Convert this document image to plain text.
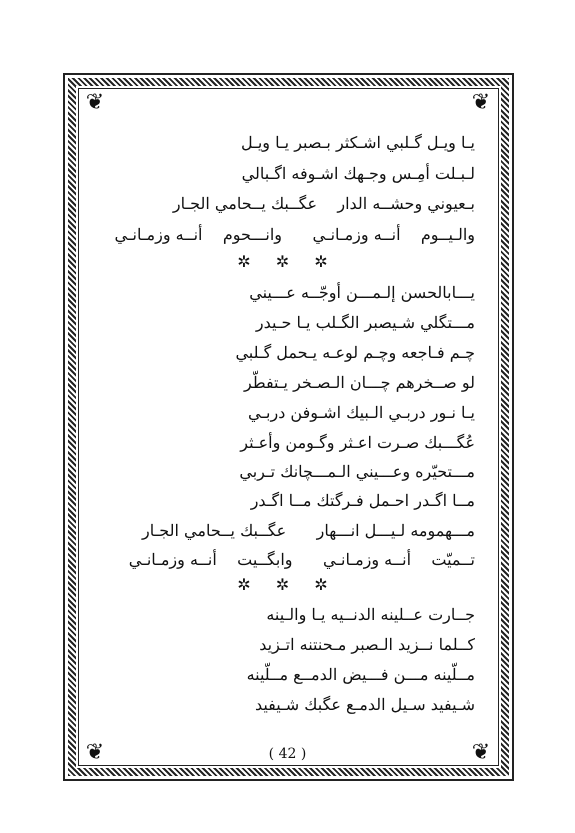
❦	❦
❦	❦
يـا ويـل گـلبي اشـكثر بـصبر يـا ويـل
لـبـلت أمِـس وجـهك اشـوفه اگـبالي
بـعيوني وحشــه الدار    عگــبك يــحامي الجـار
والـيــوم    أنــه وزمـانـي      وانـــحوم    أنــه وزمـانـي
✲ ✲ ✲
يـــابالحسن إلـمـــن أوجّــه عـــيني
مـــتگلي شـيصبر الگـلب يـا حـيدر
چـم فـاجعه وچـم لوعـه يـحمل گـلبي
لو صــخرهم چـــان الـصـخر يـتفطّر
يـا نـور دربـي الـبيك اشـوفن دربـي
عُگـــبك صـرت اعـثر وگـومن وأعـثر
مـــتحيّره وعـــيني الـمـــچانك تـربي
مــا اگـدر احـمل فـرگتك مــا اگـدر
مـــهمومه لـيـــل انـــهار      عگــبك يــحامي الجـار
تــميّت    أنــه وزمـانـي      وابگــيت    أنــه وزمـانـي
✲ ✲ ✲
جــارت عــلينه الدنــيه يـا والـينه
كــلما نــزيد الـصبر مـحنتنه اتـزيد
مــلّينه مـــن فـــيض الدمــع مــلّينه
شـيفيد سـيل الدمـع عگبك شـيفيد
( 42 )
